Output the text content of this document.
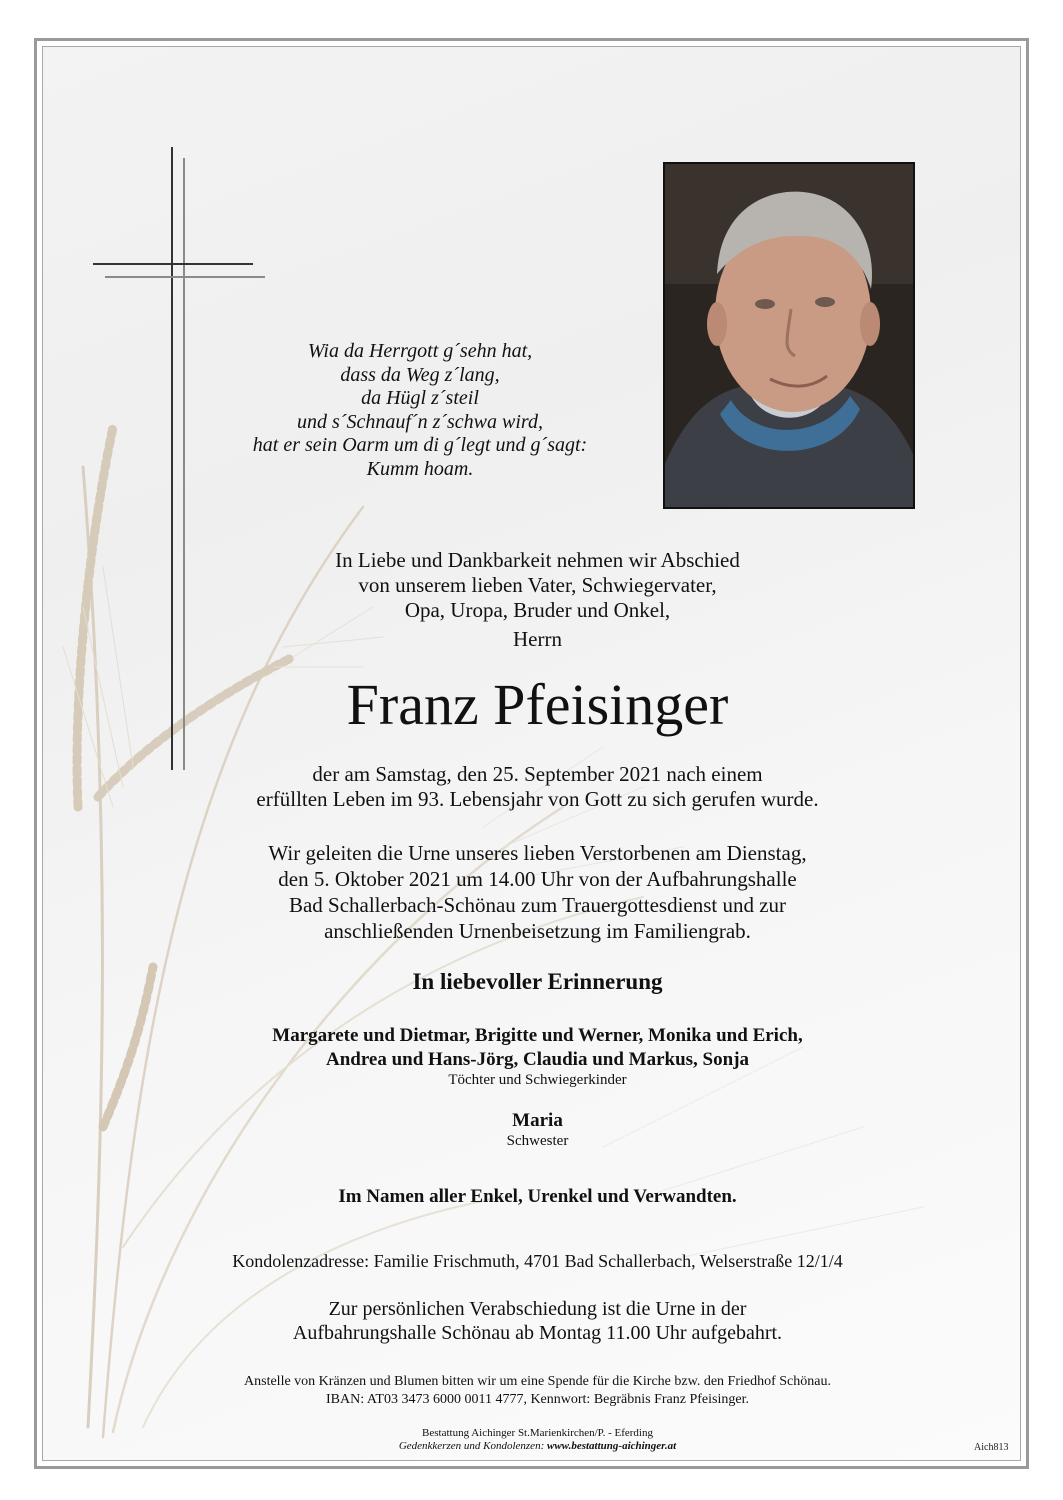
Wia da Herrgott g´sehn hat,
dass da Weg z´lang,
da Hügl z´steil
und s´Schnauf´n z´schwa wird,
hat er sein Oarm um di g´legt und g´sagt:
Kumm hoam.
In Liebe und Dankbarkeit nehmen wir Abschied
von unserem lieben Vater, Schwiegervater,
Opa, Uropa, Bruder und Onkel,
Herrn
Franz Pfeisinger
der am Samstag, den 25. September 2021 nach einem
erfüllten Leben im 93. Lebensjahr von Gott zu sich gerufen wurde.
Wir geleiten die Urne unseres lieben Verstorbenen am Dienstag,
den 5. Oktober 2021 um 14.00 Uhr von der Aufbahrungshalle
Bad Schallerbach-Schönau zum Trauergottesdienst und zur
anschließenden Urnenbeisetzung im Familiengrab.
In liebevoller Erinnerung
Margarete und Dietmar, Brigitte und Werner, Monika und Erich,
Andrea und Hans-Jörg, Claudia und Markus, Sonja
Töchter und Schwiegerkinder
Maria
Schwester
Im Namen aller Enkel, Urenkel und Verwandten.
Kondolenzadresse: Familie Frischmuth, 4701 Bad Schallerbach, Welserstraße 12/1/4
Zur persönlichen Verabschiedung ist die Urne in der
Aufbahrungshalle Schönau ab Montag 11.00 Uhr aufgebahrt.
Anstelle von Kränzen und Blumen bitten wir um eine Spende für die Kirche bzw. den Friedhof Schönau.
IBAN: AT03 3473 6000 0011 4777, Kennwort: Begräbnis Franz Pfeisinger.
Bestattung Aichinger St.Marienkirchen/P. - Eferding
Gedenkkerzen und Kondolenzen: www.bestattung-aichinger.at	Aich813
